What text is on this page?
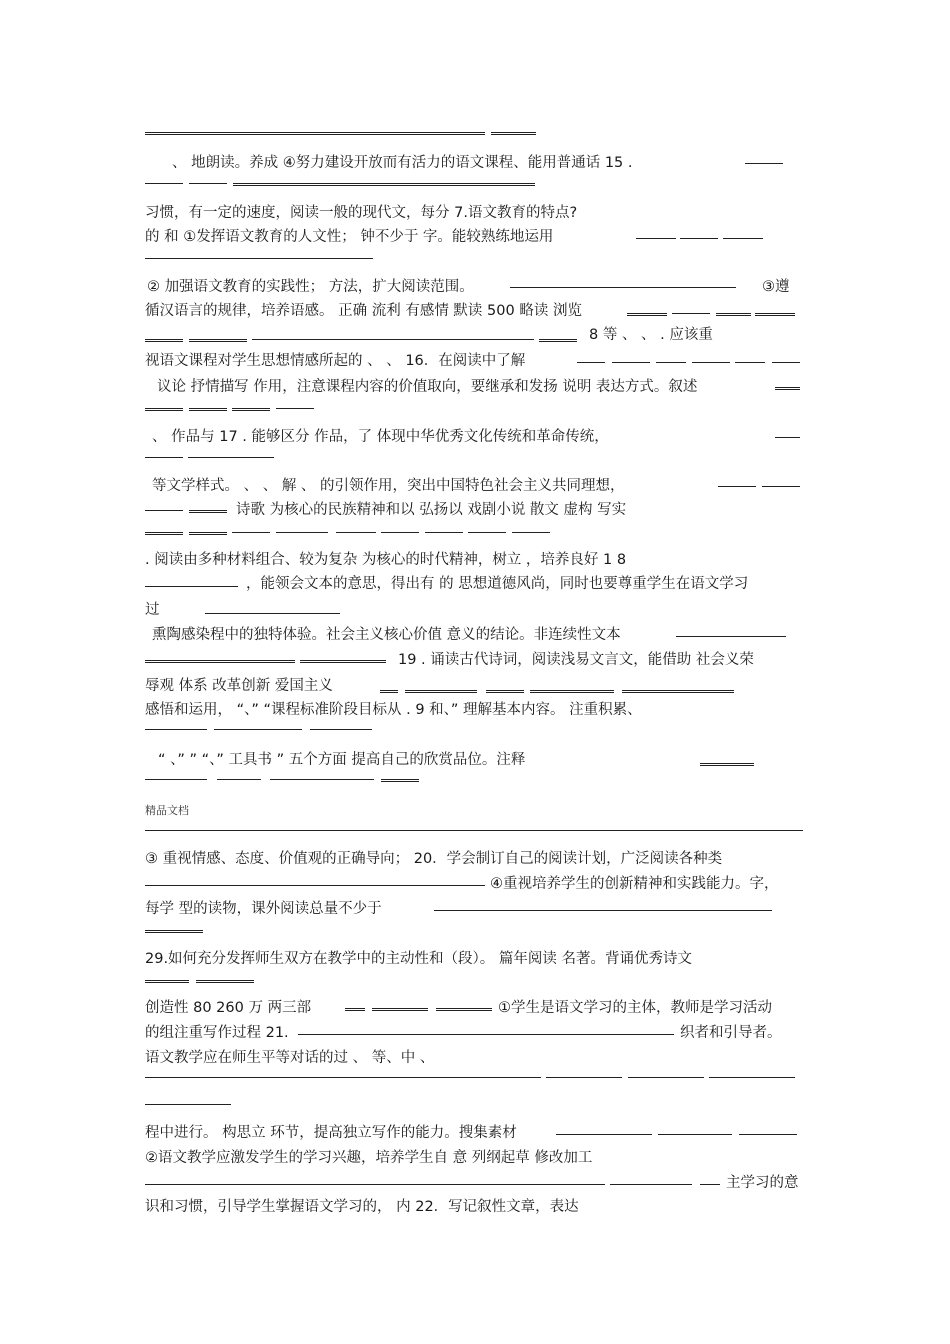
、 地朗读。养成 ④努力建设开放而有活力的语文课程、能用普通话 15 .
习惯，有一定的速度，阅读一般的现代文，每分 7.语文教育的特点?
的 和 ①发挥语文教育的人文性； 钟不少于 字。能较熟练地运用
② 加强语文教育的实践性； 方法，扩大阅读范围。	③遵
循汉语言的规律，培养语感。 正确 流利 有感情 默读 500 略读 浏览
8 等 、 、 . 应该重
视语文课程对学生思想情感所起的 、 、 16．在阅读中了解
议论 抒情描写 作用，注意课程内容的价值取向，要继承和发扬 说明 表达方式。叙述
、 作品与 17 . 能够区分 作品，了 体现中华优秀文化传统和革命传统，
等文学样式。 、 、 解 、 的引领作用，突出中国特色社会主义共同理想，
诗歌 为核心的民族精神和以 弘扬以 戏剧小说 散文 虚构 写实
. 阅读由多种材料组合、较为复杂 为核心的时代精神，树立 ，培养良好 1 8
，能领会文本的意思，得出有 的 思想道德风尚，同时也要尊重学生在语文学习
过
熏陶感染程中的独特体验。社会主义核心价值 意义的结论。非连续性文本
19 . 诵读古代诗词，阅读浅易文言文，能借助 社会义荣
辱观 体系 改革创新 爱国主义
感悟和运用， “、” “课程标准阶段目标从 . 9 和、” 理解基本内容。 注重积累、
“ 、” ” “、” 工具书 ” 五个方面 提高自己的欣赏品位。注释
③ 重视情感、态度、价值观的正确导向； 20．学会制订自己的阅读计划，广泛阅读各种类
④重视培养学生的创新精神和实践能力。字，
每学 型的读物，课外阅读总量不少于
29.如何充分发挥师生双方在教学中的主动性和（段）。 篇年阅读 名著。背诵优秀诗文
创造性 80 260 万 两三部	①学生是语文学习的主体，教师是学习活动
的组注重写作过程 21.	织者和引导者。
语文教学应在师生平等对话的过 、 等、中 、
程中进行。 构思立 环节，提高独立写作的能力。搜集素材
②语文教学应激发学生的学习兴趣，培养学生自 意 列纲起草 修改加工
主学习的意
识和习惯，引导学生掌握语文学习的， 内 22．写记叙性文章，表达
精品文档
